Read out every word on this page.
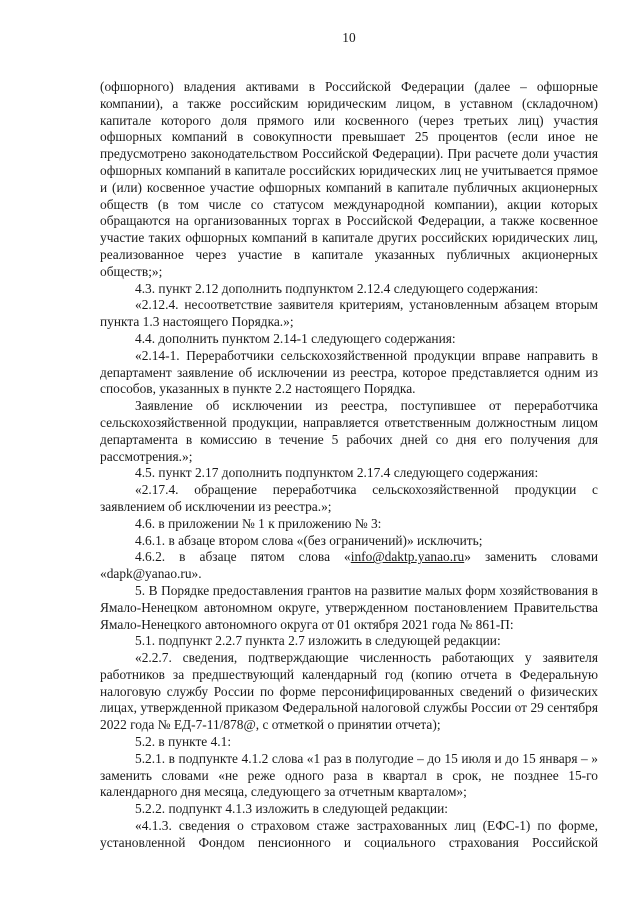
10

(офшорного) владения активами в Российской Федерации (далее – офшорные компании), а также российским юридическим лицом, в уставном (складочном) капитале которого доля прямого или косвенного (через третьих лиц) участия офшорных компаний в совокупности превышает 25 процентов (если иное не предусмотрено законодательством Российской Федерации). При расчете доли участия офшорных компаний в капитале российских юридических лиц не учитывается прямое и (или) косвенное участие офшорных компаний в капитале публичных акционерных обществ (в том числе со статусом международной компании), акции которых обращаются на организованных торгах в Российской Федерации, а также косвенное участие таких офшорных компаний в капитале других российских юридических лиц, реализованное через участие в капитале указанных публичных акционерных обществ;»;

4.3. пункт 2.12 дополнить подпунктом 2.12.4 следующего содержания:

«2.12.4. несоответствие заявителя критериям, установленным абзацем вторым пункта 1.3 настоящего Порядка.»;

4.4. дополнить пунктом 2.14-1 следующего содержания:

«2.14-1. Переработчики сельскохозяйственной продукции вправе направить в департамент заявление об исключении из реестра, которое представляется одним из способов, указанных в пункте 2.2 настоящего Порядка.

Заявление об исключении из реестра, поступившее от переработчика сельскохозяйственной продукции, направляется ответственным должностным лицом департамента в комиссию в течение 5 рабочих дней со дня его получения для рассмотрения.»;

4.5. пункт 2.17 дополнить подпунктом 2.17.4 следующего содержания:

«2.17.4. обращение переработчика сельскохозяйственной продукции с заявлением об исключении из реестра.»;

4.6. в приложении № 1 к приложению № 3:

4.6.1. в абзаце втором слова «(без ограничений)» исключить;

4.6.2. в абзаце пятом слова «info@daktp.yanao.ru» заменить словами «dapk@yanao.ru».

5. В Порядке предоставления грантов на развитие малых форм хозяйствования в Ямало-Ненецком автономном округе, утвержденном постановлением Правительства Ямало-Ненецкого автономного округа от 01 октября 2021 года № 861-П:

5.1. подпункт 2.2.7 пункта 2.7 изложить в следующей редакции:

«2.2.7. сведения, подтверждающие численность работающих у заявителя работников за предшествующий календарный год (копию отчета в Федеральную налоговую службу России по форме персонифицированных сведений о физических лицах, утвержденной приказом Федеральной налоговой службы России от 29 сентября 2022 года № ЕД-7-11/878@, с отметкой о принятии отчета);

5.2. в пункте 4.1:

5.2.1. в подпункте 4.1.2 слова «1 раз в полугодие – до 15 июля и до 15 января – » заменить словами «не реже одного раза в квартал в срок, не позднее 15-го календарного дня месяца, следующего за отчетным кварталом»;

5.2.2. подпункт 4.1.3 изложить в следующей редакции:

«4.1.3. сведения о страховом стаже застрахованных лиц (ЕФС-1) по форме, установленной Фондом пенсионного и социального страхования Российской
